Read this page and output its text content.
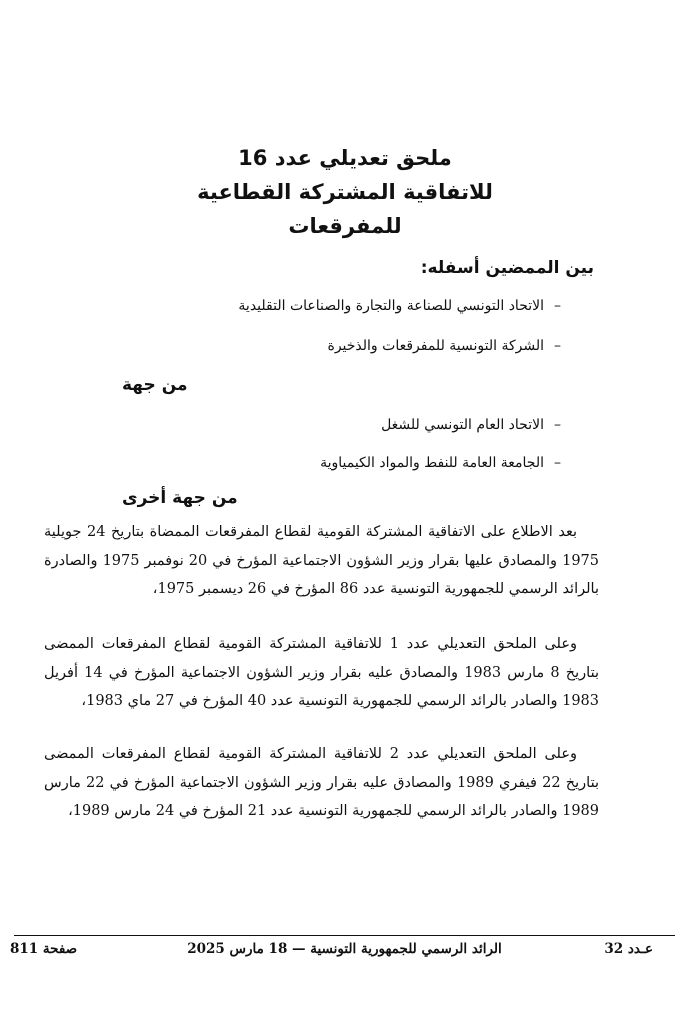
ملحق تعديلي عدد 16
للاتفاقية المشتركة القطاعية
للمفرقعات
بين الممضين أسفله:
–الاتحاد التونسي للصناعة والتجارة والصناعات التقليدية
–الشركة التونسية للمفرقعات والذخيرة
من جهة
–الاتحاد العام التونسي للشغل
–الجامعة العامة للنفط والمواد الكيمياوية
من جهة أخرى
بعد الاطلاع على الاتفاقية المشتركة القومية لقطاع المفرقعات الممضاة بتاريخ 24 جويلية 1975 والمصادق عليها بقرار وزير الشؤون الاجتماعية المؤرخ في 20 نوفمبر 1975 والصادرة بالرائد الرسمي للجمهورية التونسية عدد 86 المؤرخ في 26 ديسمبر 1975،
وعلى الملحق التعديلي عدد 1 للاتفاقية المشتركة القومية لقطاع المفرقعات الممضى بتاريخ 8 مارس 1983 والمصادق عليه بقرار وزير الشؤون الاجتماعية المؤرخ في 14 أفريل 1983 والصادر بالرائد الرسمي للجمهورية التونسية عدد 40 المؤرخ في 27 ماي 1983،
وعلى الملحق التعديلي عدد 2 للاتفاقية المشتركة القومية لقطاع المفرقعات الممضى بتاريخ 22 فيفري 1989 والمصادق عليه بقرار وزير الشؤون الاجتماعية المؤرخ في 22 مارس 1989 والصادر بالرائد الرسمي للجمهورية التونسية عدد 21 المؤرخ في 24 مارس 1989،
عـدد 32
الرائد الرسمي للجمهورية التونسية — 18 مارس 2025
صفحة 811
